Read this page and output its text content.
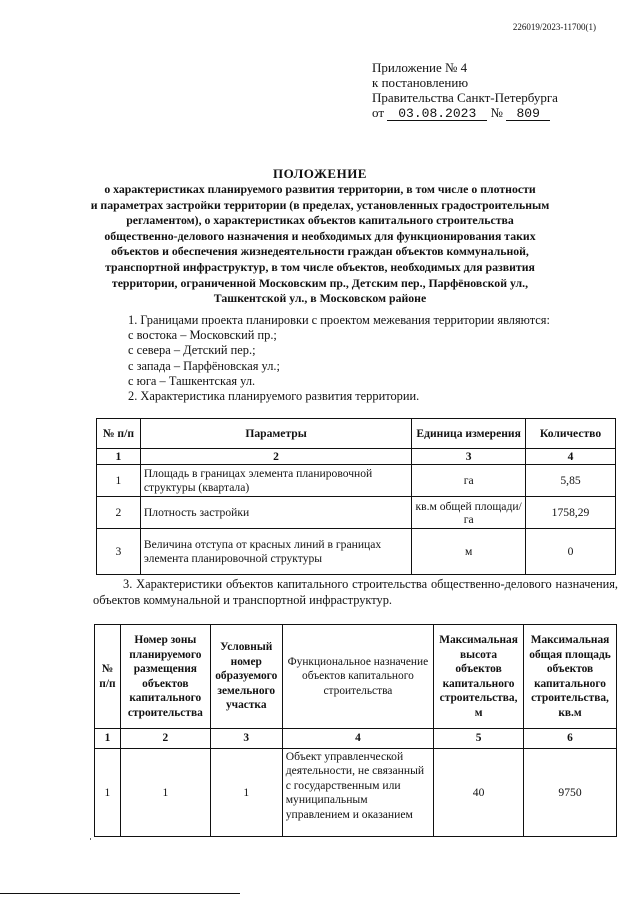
226019/2023-11700(1)
Приложение № 4
к постановлению
Правительства Санкт-Петербурга
от 03.08.2023 № 809
ПОЛОЖЕНИЕ
о характеристиках планируемого развития территории, в том числе о плотности
и параметрах застройки территории (в пределах, установленных градостроительным
регламентом), о характеристиках объектов капитального строительства
общественно-делового назначения и необходимых для функционирования таких
объектов и обеспечения жизнедеятельности граждан объектов коммунальной,
транспортной инфраструктур, в том числе объектов, необходимых для развития
территории, ограниченной Московским пр., Детским пер., Парфёновской ул.,
Ташкентской ул., в Московском районе
1. Границами проекта планировки с проектом межевания территории являются:
с востока – Московский пр.;
с севера – Детский пер.;
с запада – Парфёновская ул.;
с юга – Ташкентская ул.
2. Характеристика планируемого развития территории.
№ п/п	Параметры	Единица измерения	Количество
1	2	3	4
1	Площадь в границах элемента планировочной структуры (квартала)	га	5,85
2	Плотность застройки	кв.м общей площади/га	1758,29
3	Величина отступа от красных линий в границах элемента планировочной структуры	м	0
3. Характеристики объектов капитального строительства общественно-делового назначения, объектов коммунальной и транспортной инфраструктур.
№ п/п	Номер зоны планируемого размещения объектов капитального строительства	Условный номер образуемого земельного участка	Функциональное назначение объектов капитального строительства	Максимальная высота объектов капитального строительства, м	Максимальная общая площадь объектов капитального строительства, кв.м
1	2	3	4	5	6
1	1	1	Объект управленческой деятельности, не связанный с государственным или муниципальным управлением и оказанием	40	9750
